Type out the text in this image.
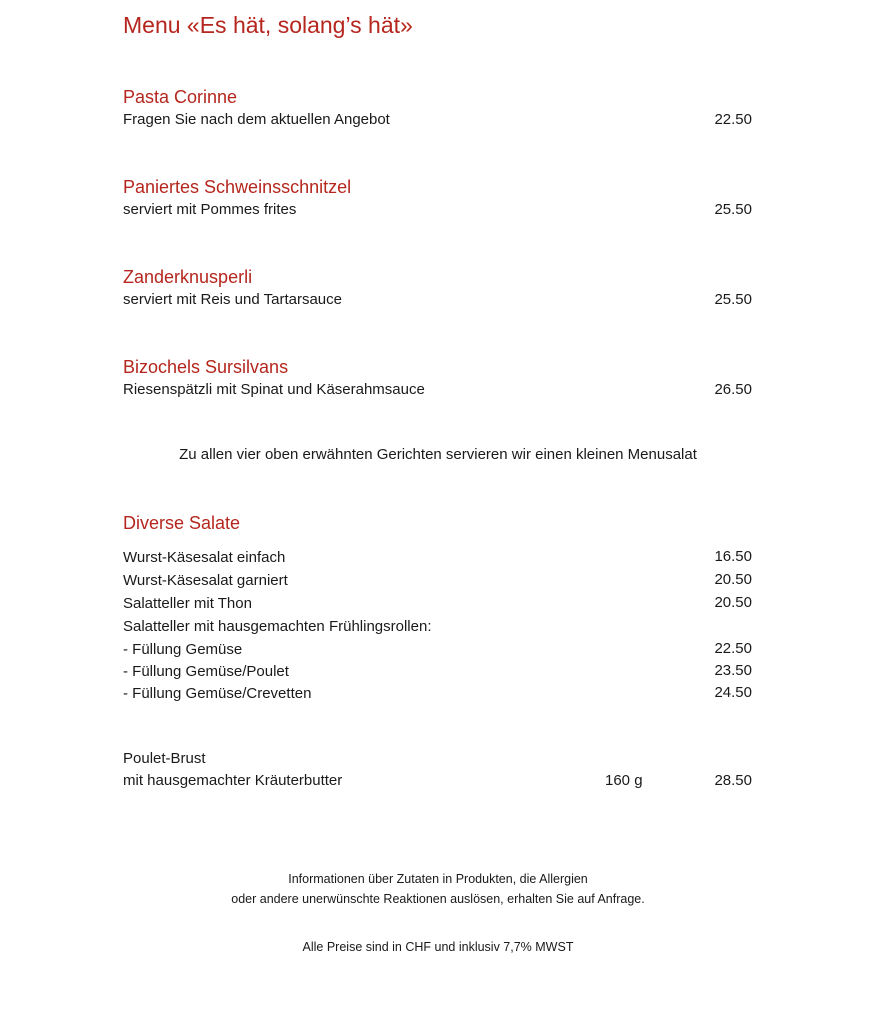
Menu «Es hät, solang’s hät»
Pasta Corinne
Fragen Sie nach dem aktuellen Angebot	22.50
Paniertes Schweinsschnitzel
serviert mit Pommes frites	25.50
Zanderknusperli
serviert mit Reis und Tartarsauce	25.50
Bizochels Sursilvans
Riesenspätzli mit Spinat und Käserahmsauce	26.50
Zu allen vier oben erwähnten Gerichten servieren wir einen kleinen Menusalat
Diverse Salate
Wurst-Käsesalat einfach	16.50
Wurst-Käsesalat garniert	20.50
Salatteller mit Thon	20.50
Salatteller mit hausgemachten Frühlingsrollen:
- Füllung Gemüse	22.50
- Füllung Gemüse/Poulet	23.50
- Füllung Gemüse/Crevetten	24.50
Poulet-Brust
mit hausgemachter Kräuterbutter	160 g	28.50
Informationen über Zutaten in Produkten, die Allergien
oder andere unerwünschte Reaktionen auslösen, erhalten Sie auf Anfrage.
Alle Preise sind in CHF und inklusiv 7,7% MWST
